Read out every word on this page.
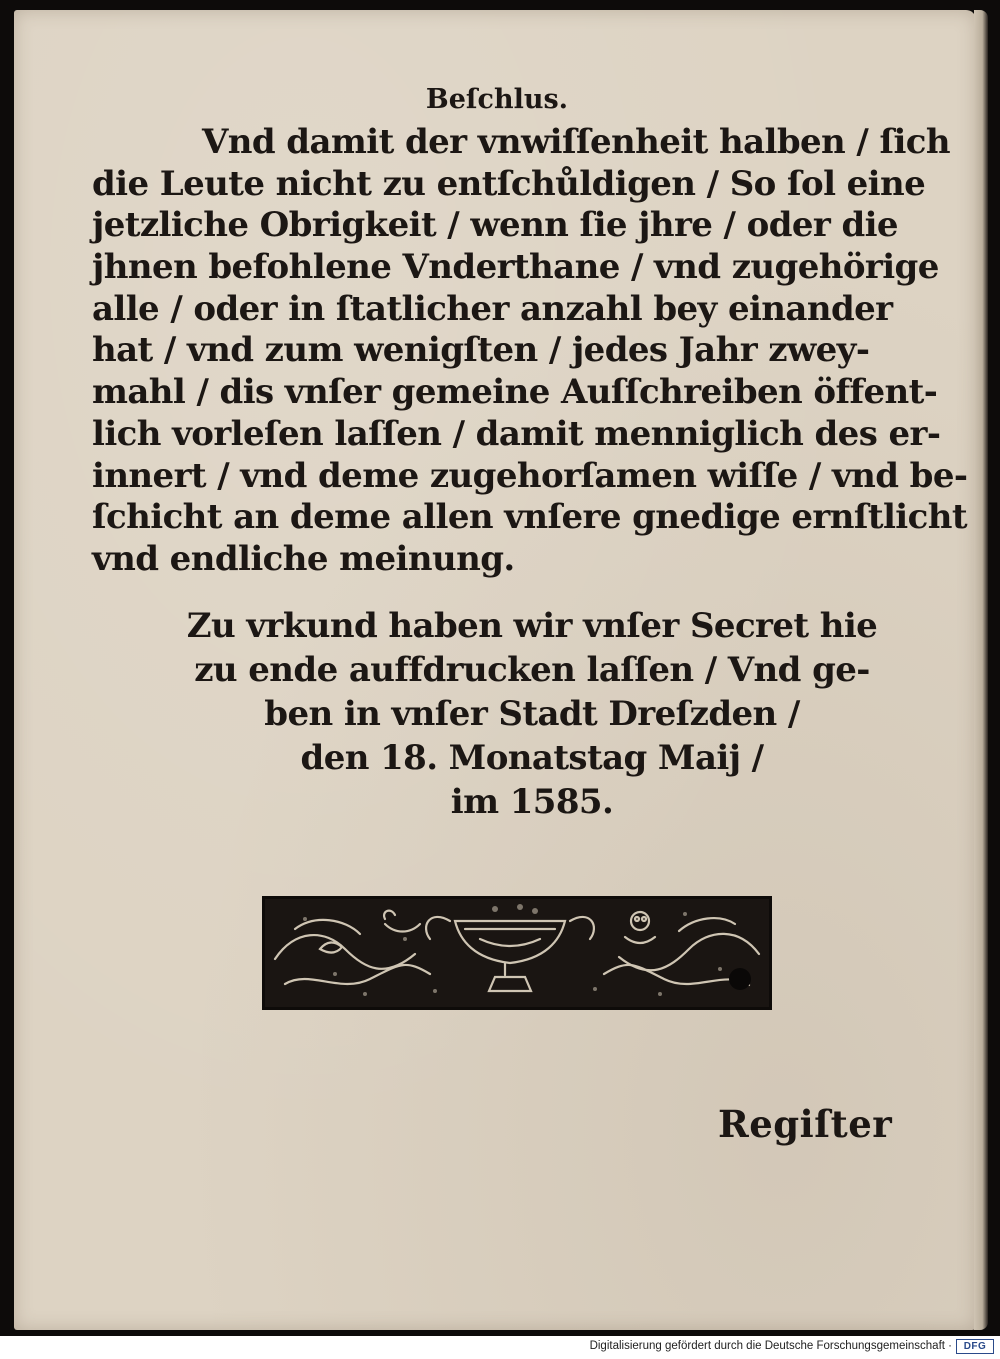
Beſchlus.
Vnd damit der vnwiſſenheit halben / ſich
die Leute nicht zu entſchůldigen / So ſol eine
jetzliche Obrigkeit / wenn ſie jhre / oder die
jhnen befohlene Vnderthane / vnd zugehörige
alle / oder in ſtatlicher anzahl bey einander
hat / vnd zum wenigſten / jedes Jahr zwey-
mahl / dis vnſer gemeine Auſſchreiben öffent-
lich vorleſen laſſen / damit menniglich des er-
innert / vnd deme zugehorſamen wiſſe / vnd be-
ſchicht an deme allen vnſere gnedige ernſtlicht
vnd endliche meinung.
Zu vrkund haben wir vnſer Secret hie
zu ende auffdrucken laſſen / Vnd ge-
ben in vnſer Stadt Dreſzden /
den 18. Monatstag Maij /
im 1585.
Regiſter
Digitalisierung gefördert durch die Deutsche Forschungsgemeinschaft ·	DFG
